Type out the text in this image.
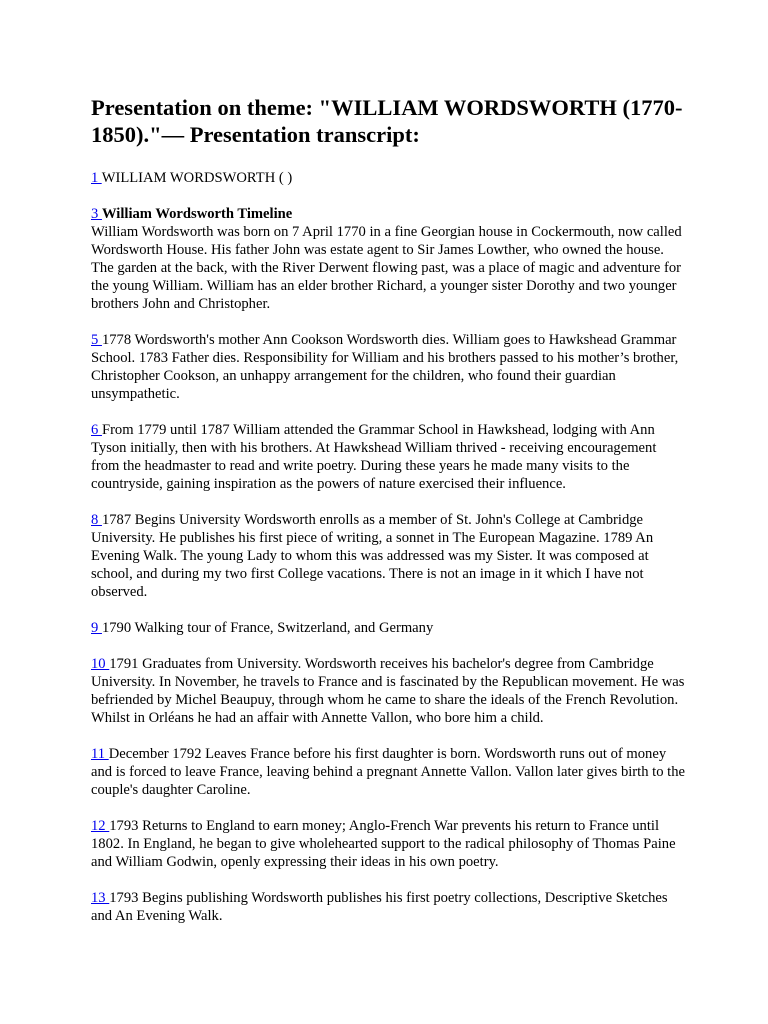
Presentation on theme: "WILLIAM WORDSWORTH (1770-1850)."— Presentation transcript:

1 WILLIAM WORDSWORTH ( )

3 William Wordsworth Timeline
William Wordsworth was born on 7 April 1770 in a fine Georgian house in Cockermouth, now called Wordsworth House. His father John was estate agent to Sir James Lowther, who owned the house. The garden at the back, with the River Derwent flowing past, was a place of magic and adventure for the young William. William has an elder brother Richard, a younger sister Dorothy and two younger brothers John and Christopher.

5 1778 Wordsworth's mother Ann Cookson Wordsworth dies. William goes to Hawkshead Grammar School. 1783 Father dies. Responsibility for William and his brothers passed to his mother’s brother, Christopher Cookson, an unhappy arrangement for the children, who found their guardian unsympathetic.

6 From 1779 until 1787 William attended the Grammar School in Hawkshead, lodging with Ann Tyson initially, then with his brothers. At Hawkshead William thrived - receiving encouragement from the headmaster to read and write poetry. During these years he made many visits to the countryside, gaining inspiration as the powers of nature exercised their influence.

8 1787 Begins University Wordsworth enrolls as a member of St. John's College at Cambridge University. He publishes his first piece of writing, a sonnet in The European Magazine. 1789 An Evening Walk. The young Lady to whom this was addressed was my Sister. It was composed at school, and during my two first College vacations. There is not an image in it which I have not observed.

9 1790 Walking tour of France, Switzerland, and Germany

10 1791 Graduates from University. Wordsworth receives his bachelor's degree from Cambridge University. In November, he travels to France and is fascinated by the Republican movement. He was befriended by Michel Beaupuy, through whom he came to share the ideals of the French Revolution. Whilst in Orléans he had an affair with Annette Vallon, who bore him a child.

11 December 1792 Leaves France before his first daughter is born. Wordsworth runs out of money and is forced to leave France, leaving behind a pregnant Annette Vallon. Vallon later gives birth to the couple's daughter Caroline.

12 1793 Returns to England to earn money; Anglo-French War prevents his return to France until 1802. In England, he began to give wholehearted support to the radical philosophy of Thomas Paine and William Godwin, openly expressing their ideas in his own poetry.

13 1793 Begins publishing Wordsworth publishes his first poetry collections, Descriptive Sketches and An Evening Walk.
